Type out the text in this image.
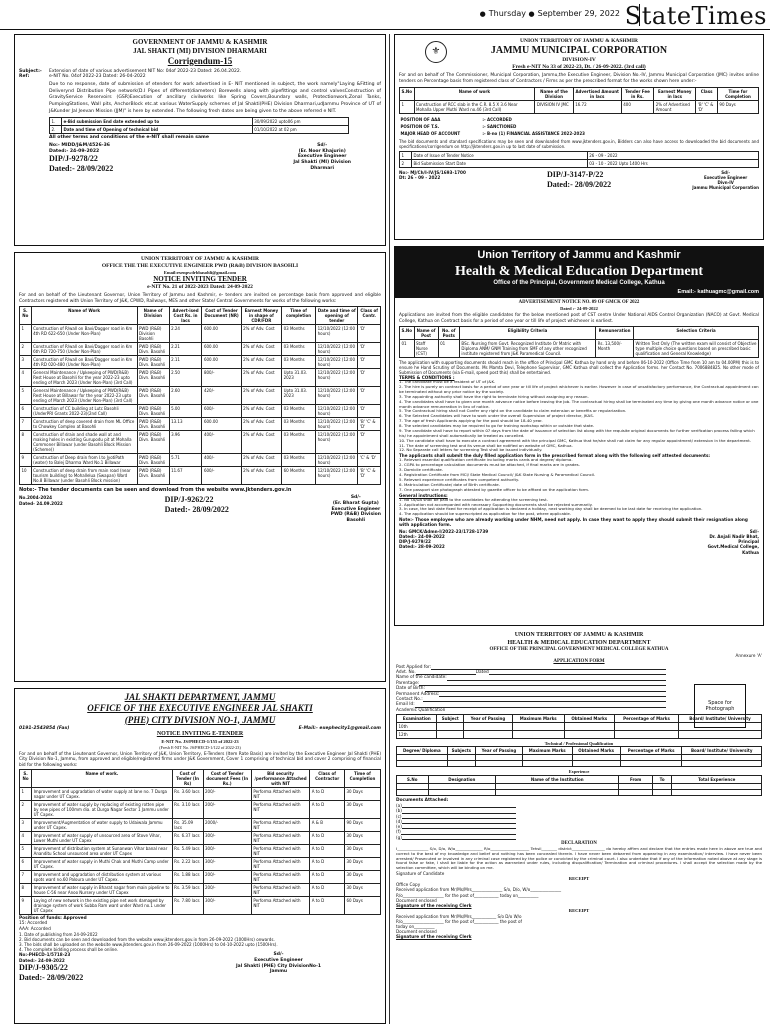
● Thursday ● September 29, 2022 StateTimes
GOVERNMENT OF JAMMU & KASHMIR
JAL SHAKTI (MI) DIVISION DHARMARI
Corrigendum-15
Subject:-	Extension of date of various advertisement NIT No: 04of 2022-23 Dated: 26.04.2022.
Ref:	e-NIT No. 04of 2022-23 Dated: 26-04-2022
Due to no response, date of submission of etenders for work advertised in E- NIT mentioned in subject, the work namely"Laying &Fitting of Deliverynd Distribution Pipe network(D.I Pipes of different(diameters) Borewells along with pipefittings and control valvesConstruction of GravityService Reservoirs (GSR)Execution of ancillary civilworks like Spring Covers,Boundary walls, Protectionwork,Zonal Tanks, PumpingStations, Wall pits, AnchorBlock etc.at various WaterSupply schemes of Jal Shakti(PHE) Division Dharmari,udJammu Province of UT of J&Kunder Jal Jeevan Mission (JJM)" is here by extended. The following fresh dates are being given to the above referred e NIT.
1.	e-Bid submission End date extended up to	30/09/2022 upto06 pm
2.	Date and time of Opening of technical bid	01/10/2022 at 02 pm
All other terms and conditions of the e-NIT shall remain same
No:- MIDD/J&M/4526-36
Dated:- 24-09-2022
DIP/J-9278/22
Dated:- 28/09/2022
Sd/-
(Er. Noor Khajurin)
Executive Engineer
Jal Shakti (MI) Division
Dharmari
UNION TERRITORY OF JAMMU & KASHMIR
OFFICE THE THE EXECUTIVE ENGINEER PWD (R&B) DIVISION BASOHLI
Email:exenpwdrbbasohli@gmail.com
NOTICE INVITING TENDER
e-NIT No. 21 of 2022-2023 Dated: 24-09-2022
For and on behalf of the Lieutenant Governor, Union Territory of Jammu and Kashmir, e- tenders are invited on percentage basis from approved and eligible Contractors registered with Union Territory of J&K, CPWD, Railways, MES and other State/ Central Governments for works of the following works:
S. No	Name of Work	Name of Division	Advert-ised Cost Rs. in lacs	Cost of Tender Document (NR)	Earnest Money in shape of CDR/FDR	Time of completion	Date and time of opening of tender	Class of Contr.
1	Construction of R/wall on Bavi/Dagger road in Km 4th RD 622-650 (Under Non-Plan)	PWD (R&B) Division Basohli	2.24	600.00	2% of Adv. Cost	03 Months	12/10/2022 (12:00 hours)	'D'
2	Construction of R/wall on Bavi/Dagger road in Km 6th RD 720-750 (Under Non-Plan)	PWD (R&B) Divn. Basohli	2.21	600.00	2% of Adv. Cost	03 Months	12/10/2022 (12:00 hours)	'D'
3	Construction of R/wall on Bavi/Dagger road in Km 4th RD 020-480 (Under Non-Plan)	PWD (R&B) Divn. Basohli	2.11	600.00	2% of Adv. Cost	03 Months	12/10/2022 (12:00 hours)	'D'
4	General Maintenance / Upkeeping of PWD(R&B) Rest House at Basohli for the year 2022-23 upto ending of March 2023 (Under Non-Plan) (3rd Call)	PWD (R&B) Divn. Basohli	2.50	800/-	2% of Adv. Cost	Upto 31.03. 2023	12/10/2022 (12:00 hours)	'D'
5	General Maintenance / Upkeeping of PWD(R&B) Rest House at Billawar for the year 2022-23 upto ending of March 2023 (Under Non-Plan) (3rd Call)	PWD (R&B) Divn. Basohli	2.60	420/-	2% of Adv. Cost	Upto 31.03. 2023	12/10/2022 (12:00 hours)	'D'
6	Construction of CC building at Lutc Basohli (UnderPRI Grants 2022-23)(2nd Call)	PWD (R&B) Divn. Basohli	5.00	600/-	2% of Adv. Cost	03 Months	12/10/2022 (12:00 hours)	'D'
7	Construction of deep covered drain from ML Office to Chowkey Complex at Basohli	PWD (R&B) Divn. Basohli	13.13	600.00	2% of Adv. Cost	03 Months	12/10/2022 (12:00 hours)	'B' 'C' & 'D'
8	Construction of drain and shade wall at and making holes in existing Gurupodu pit at Mohalla Commoner Billawar (under Basohli Block Mission (Scheme))	PWD (R&B) Divn. Basohli	3.96	400/-	2% of Adv. Cost	03 Months	12/10/2022 (12:00 hours)	'D'
9	Construction of Deep drain from I.to JyotiPath (water) to Balej Dharma Ward No.1 Billawar	PWD (R&B) Divn. Basohli	5.71	400/-	2% of Adv. Cost	03 Months	12/10/2022 (12:00 hours)	'C' & 'D'
10	Construction of deep drain from main road (near tourism building) to Mohallelua (Swapan) Ward No.8 Billawar (under Basohli Block mission)	PWD (R&B) Divn. Basohli	11.67	600/-	2% of Adv. Cost	60 Months	12/10/2022 (12:00 hours)	'B' 'C' & 'D'
Note:- The tender documents can be seen and download from the website www.jktenders.gov.in
No.2004-2024
Dated- 24.09.2022	DIP/J-9262/22
Dated:- 28/09/2022
Sd/-
(Er. Bharat Gupta)
Executive Engineer
PWD (R&B) Division
Basohli
JAL SHAKTI DEPARTMENT, JAMMU
OFFICE OF THE EXECUTIVE ENGINEER JAL SHAKTI
(PHE) CITY DIVISION NO-1, JAMMU
0191-2543854 (Fax)	E-Mail:- exephecity1@gmail.com
NOTICE INVITING E-TENDER
E-NIT No. JS/PHECD-1/155 of 2022-23
(Fresh E-NIT No. JS/PHECD-1/122 of 2022-23)
For and on behalf of the Lieutenant Governor, Union Territory of J&K, Union Territory, E-Tenders (Item Rate Basis) are invited by the Executive Engineer Jal Shakti (PHE) City Division No-1, Jammu, from approved and eligible/registered firms under J&K Government, Cover 1 comprising of technical bid and cover 2 comprising of financial bid for the following works:
S. No	Name of work.	Cost of Tender (In Rs)	Cost of Tender document Fees (In Rs.)	Bid security /performance Attached with NIT	Class of Contractor	Time of Completion
1	Improvement and upgradation of water supply at lane no. 7 Durga nagar under UT Capex.	Rs. 3.60 lacs	200/-	Performa Attached with NIT	A to D	30 Days
2	Improvement of water supply by replacing of existing rotten pipe by new pipes of 100mm dia. at Durga Nagar Sector 1 Jammu under UT Capex.	Rs. 3.10 lacs	200/-	Performa Attached with NIT	A to D	30 Days
3	Improvement/Augmentation of water supply to Udaiwala Jammu under UT Capex.	Rs. 35.09 lacs	2000/-	Performa Attached with NIT	A & B	90 Days
4	Improvement of water supply of unsourced area of Stove Vihar, Lower Muthi under UT Capex	Rs. 6.37 lacs	300/-	Performa Attached with NIT	A to D	30 Days
5	Improvement of distribution system at Sunanwan Vihar banal near Ananditu School unsourced area under UT Capex	Rs. 5.49 lacs	300/-	Performa Attached with NIT	A to D	30 Days
6	Improvement of water supply in Muthi Chak and Muthi Camp under UT Capex.	Rs. 2.22 lacs	300/-	Performa Attached with NIT	A to D	30 Days
7	Improvement and upgradation of distribution system at various spots ward no.60 Paloura under UT Capex.	Rs. 1.88 lacs	200/-	Performa Attached with NIT	A to D	30 Days
8	Improvement of water supply in Bharat nagar from main pipeline to house C-56 near Anoo Nursery under UT Capex	Rs. 3.59 lacs	200/-	Performa Attached with NIT	A to D	30 Days
9	Laying of new network in the existing pipe net work damaged by drainage system of work Subba Ram ward under Ward no.1 under UT Capex	Rs. 7.80 lacs	300/-	Performa Attached with NIT	A to D	60 Days
Position of funds: Approved
15: Accorded
AAA: Accorded
1. Date of publishing from 24-09-2022
2. Bid documents can be seen and downloaded from the website www.jktenders.gov.in from 26-09-2022 (1000Hrs) onwards.
3. The bids shall be uploaded on the website www.jktenders.gov.in from 26-09-2022 (1000Hrs) to 04-10-2022 upto (1500Hrs).
4. The complete bidding process shall be online.
No:-PHECD-1/5718-23
Dated:- 24-09-2022
DIP/J-9305/22
Dated:- 28/09/2022
Sd/-
Executive Engineer
Jal Shakti (PHE) City DivisionNo-1
Jammu
⚜
UNION TERRITORY OF JAMMU & KASHMIR
JAMMU MUNICIPAL CORPORATION
DIVISION-IV
Fresh e-NIT No 33 of 2022-23, Dt. / 26-09-2022. (3rd call)
For and on behalf of The Commissioner, Municipal Corporation, Jammu,the Executive Engineer, Division No.-IV, Jammu Municipal Corporation (JMC) invites online tenders on Percentage basis from registered class of Contractors / Firms as per the prescribed format for the works shown here under:-
S.No	Name of work	Name of the Division	Advertised Amount in lacs	Tender Fee in Rs.	Earnest Money in lacs	Class	Time for Completion
1	Construction of RCC slab in the C.R. 8.5 X 3.6 Near Mohalla Upper Muthi Ward no.46 (3rd Call)	DIVISION IV JMC	16.72	400	2% of Advertised Amount	'B' 'C' & 'D'	90 Days
POSITION OF AAA	:- ACCORDED
POSITION OF T.S.	:- SANCTIONED
MAJOR HEAD OF ACCOUNT	:- B-no (1) FINANCIAL ASSISTANCE 2022-2023
The bid documents and standard specifications may be seen and downloaded from www.jktenders.gov.in, Bidders can also have access to downloaded the bid documents and specifications/corrigendum on http://jktenders.gov.in up to last date of submission.
1	Date of Issue of Tender Notice	26 - 09 - 2022
2	Bid Submission Start Date	03 - 10 - 2022 Upto 1400 Hrs
No:- MJ/Ch/I-IV/JS/1693-1700
Dt: 26 - 09 - 2022	DIP/J-3147-P/22
Dated:- 28/09/2022
Sd/-
Executive Engineer
Divn-IV
Jammu Municipal Corporation
Union Territory of Jammu and Kashmir
Health & Medical Education Department
Office of the Principal, Government Medical College, Kathua
Email:- kathuagmc@gmail.com
ADVERTISEMENT NOTICE NO. 09 OF GMCK OF 2022
Dated :- 24-09-2022
Applications are invited from the eligible candidates for the below mentioned post of CST centre Under National AIDS Control Organization (NACO) at Govt. Medical College, Kathua on Contract basis for a period of one year or till life of project whichever is earliest.
S.No	Name of Post	No. of Posts	Eligibility Criteria	Remuneration	Selection Criteria
01	Staff Nurse (CST)	01	BSc. Nursing from Govt. Recognized Institute Or Matric with Diploma ANM/ GNM Training from SMF of any other recognized institute registered from J&K Paramedical Council.	Rs. 13,500/- Month	Written Test Only (The written exam will consist of Objective type multiple choice questions based on prescribed basic qualification and General Knowledge)
The application with supporting documents should reach in the office of Principal GMC Kathua by hand only and before 06-10-2022 (Office Time from 10 am to 04.00PM) this is to ensure he Hand Scrutiny of Documents. Ms Mamta Devi, Telephone Supervisor, GMC Kathua shall collect the Application forms. her Contact No. 7006884825. No other mode of Submission of Documents (via E-mail, speed post this) shall be entertained.
TERMS & CONDITIONS :
1. The candidate must be a resident of UT of J&K.
2. The hire is purely on contract basis for a period of one year or till life of project whichever is earlier. However in case of unsatisfactory performance, the Contractual appointment can be terminated without any prior notice by the society.
3. The appointing authority shall have the right to terminate hiring without assigning any reason.
4. The candidates shall have to given one month advance notice before leaving the Job. The contractual hiring shall be terminated any time by giving one month advance notice or one month advance remuneration in lieu of notice.
5. The Contractual hiring shall not Confer any right on the candidate to claim extension or benefits or regularization.
6. The Selected Candidates will have to work under the overall Supervision of project director, JKAS.
7. The age of fresh Applicants applying for the post should be 18-40 year.
8. The selected candidates may be required to go for training workshop within or outside that state.
9. The candidate shall have to report within 07 days from the date of issuance of selection list along with the requisite original documents for further verification process failing which his/ he appointment shall automatically be treated as cancelled.
10. The candidate shall have to execute a contract agreement with the principal GMC, Kathua that he/she shall not claim for any regular appointment/ extension in the department.
11. The date of screening test and its venue shall be notified on website of GMC, Kathua.
12. No Separate call letters for screening Test shall be issued individually.
The applicants shall submit the duly filled application form in the prescribed format along with the following self attested documents:
1. Relevant essential qualification certificate including marks cards and degree/ diploma.
2. CGPA to percentage calculation documents must be attached, if final marks are in grades.
3. Domicile certificate.
4. Registration Certificate from MCI/ State Medical Council/ J&K State Nursing & Paramedical Council.
5. Relevant experience certificates from competent authority.
6. Matriculation Certificate/ date of Birth certificate.
7. One passport size photograph attested by gazette officer to be affixed on the application form.
General instructions:
1. No TA/DA shall be paid to the candidates for attending the screening test.
2. Application not accompanied with necessary Supporting documents shall be rejected summarily.
3. In case, the last date fixed for receipt of application is declared a holiday, next working day shall be deemed to be last date for receiving the application.
4. The application should be superscripted as application for the post, where applicable.
Note:- Those employee who are already working under NHM, need not apply. In case they want to apply they should submit their resignation along with application form.
No: GMCK/Admn-I/2022-23/1728-1739
Dated:- 24-09-2022
DIP/J-9279/22
Dated:- 28-09-2022
Sd/-
Dr. Anjali Nadir Bhat,
Principal
Govt.Medical College,
Kathua
UNION TERRITORY OF JAMMU & KASHMIR
HEALTH & MEDICAL EDUCATION DEPARTMENT
OFFICE OF THE PRINCIPAL GOVERNMENT MEDICAL COLLEGE KATHUA
Annexure 'A'
APPLICATION FORM
Post Applied for:
Advt. No.	Dated
Name of the candidate:
Parentage:
Date of Birth:
Permanent Address:
Contact No.:
Email Id:
Academic Qualification
Space for Photograph
Examination	Subject	Year of Passing	Maximum Marks	Obtained Marks	Percentage of Marks	Board/ Institute/ University
10th						
12th						
Technical / Professional Qualification
Degree/ Diploma	Subjects	Year of Passing	Maximum Marks	Obtained Marks	Percentage of Marks	Board/ Institute/ University

Experience
S.No	Designation	Name of the Institution	From	To	Total Experience

Documents Attached:
(a)
(b)
(c)
(d)
(e)
(f)
(g)
DECLARATION
I________________ S/o, D/o, W/o______________ R/o____________________ Tehsil________ district_________________ do hereby affirm and declare that the entries made here in above are true and correct to the best of my knowledge and belief and nothing has been concealed therein. I have never been debarred from appearing in any examination/ interview. I have never been arrested/ Prosecuted or involved in any criminal case registered by the police or convicted by the criminal court. I also undertake that if any of the information noted above at any stage is found false or fake, I shall be liable for the action as warranted under rules, including disqualification/ Termination and criminal procedures. I shall accept the selection made by the selection committee, which will be binding on me.
Signature of Candidate
RECEIPT
Office Copy
Received application from Mr/Ms/Mrs_______________ S/o, D/o, W/o_______________
R/o____________________ for the post of____________ today on__________
Document enclosed
Signature of the receiving Clerk
RECEIPT
Received application from Mr/Ms/Mrs____________ S/o D/o W/o
R/o____________________ for the post of____________ the post of
today on__________
Document enclosed
Signature of the receiving Clerk
